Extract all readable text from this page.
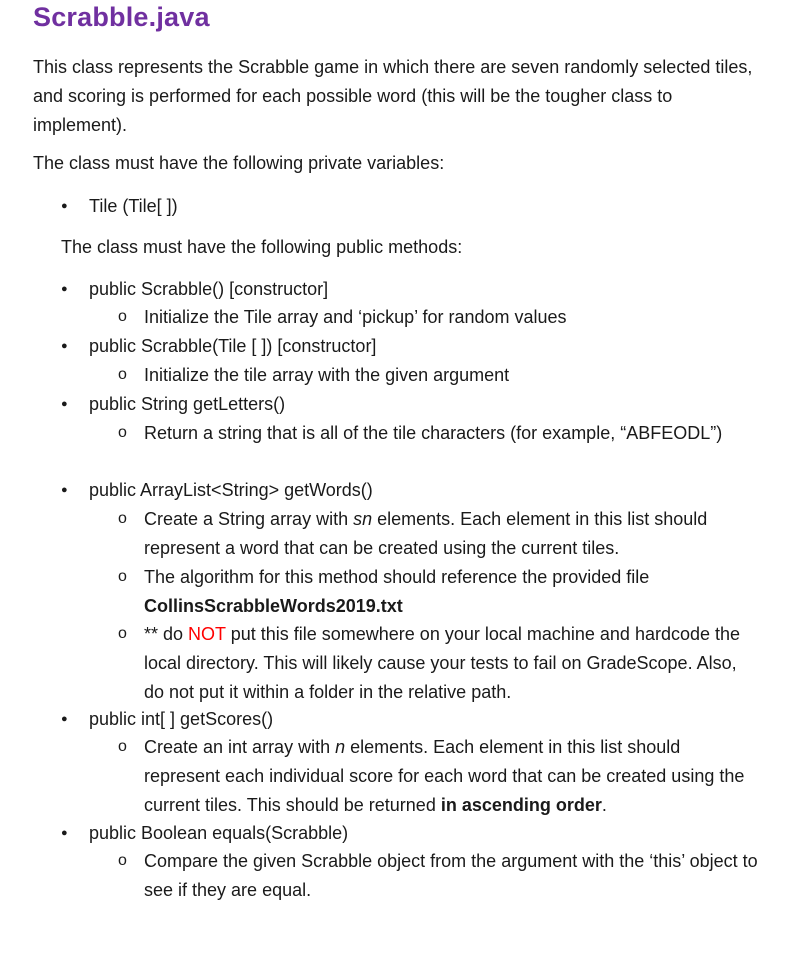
Scrabble.java

This class represents the Scrabble game in which there are seven randomly selected tiles, and scoring is performed for each possible word (this will be the tougher class to implement).

The class must have the following private variables:

● Tile (Tile[ ])

The class must have the following public methods:

● public Scrabble() [constructor]

o Initialize the Tile array and ‘pickup’ for random values

● public Scrabble(Tile [ ]) [constructor]

o Initialize the tile array with the given argument

● public String getLetters()

o Return a string that is all of the tile characters (for example, “ABFEODL”)

● public ArrayList<String> getWords()

o Create a String array with sn elements. Each element in this list should represent a word that can be created using the current tiles.

o The algorithm for this method should reference the provided file CollinsScrabbleWords2019.txt

o ** do NOT put this file somewhere on your local machine and hardcode the local directory. This will likely cause your tests to fail on GradeScope. Also, do not put it within a folder in the relative path.

● public int[ ] getScores()

o Create an int array with n elements. Each element in this list should represent each individual score for each word that can be created using the current tiles. This should be returned in ascending order.

● public Boolean equals(Scrabble)

o Compare the given Scrabble object from the argument with the ‘this’ object to see if they are equal.
